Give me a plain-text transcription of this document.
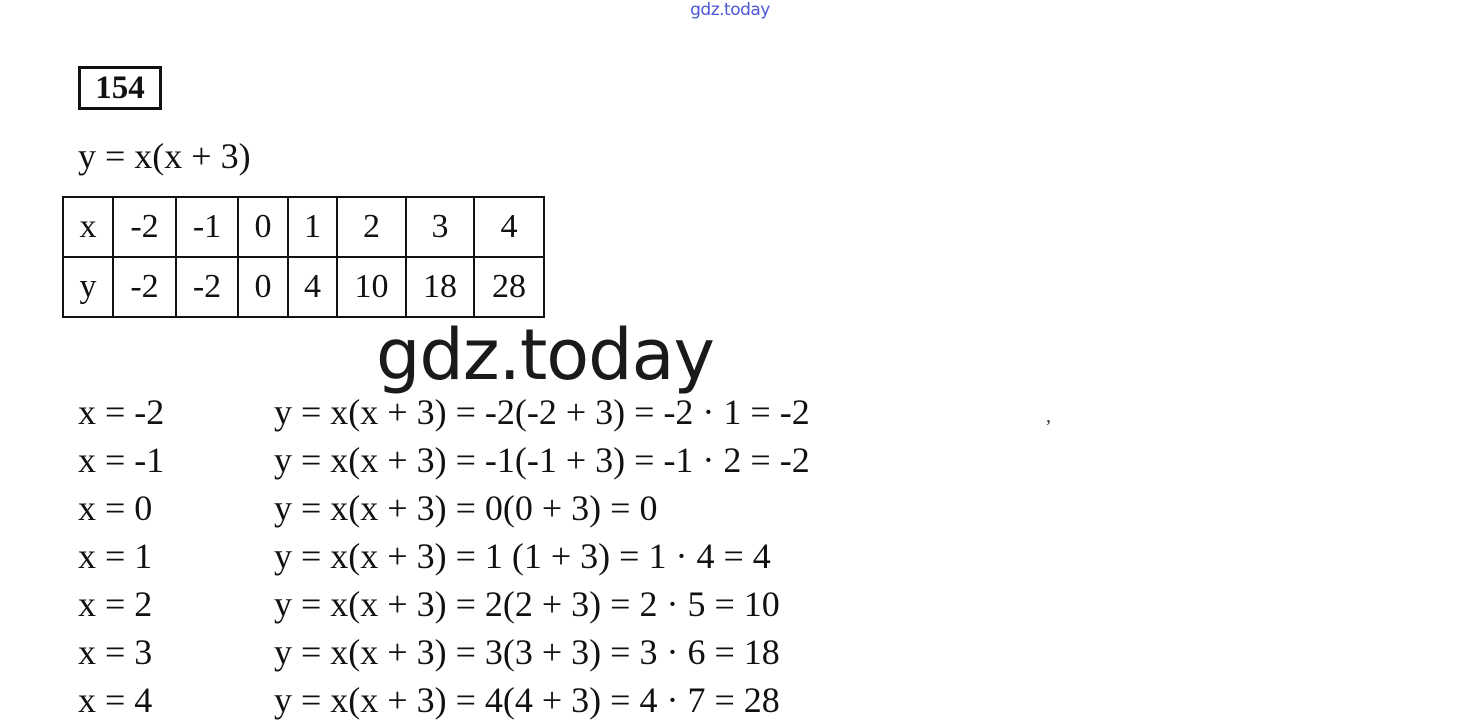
gdz.today
154
y = x(x + 3)
x	-2	-1	0	1	2	3	4
y	-2	-2	0	4	10	18	28
gdz.today
x = -2	y = x(x + 3) = -2(-2 + 3) = -2 · 1 = -2
x = -1	y = x(x + 3) = -1(-1 + 3) = -1 · 2 = -2
x = 0	y = x(x + 3) = 0(0 + 3) = 0
x = 1	y = x(x + 3) = 1 (1 + 3) = 1 · 4 = 4
x = 2	y = x(x + 3) = 2(2 + 3) = 2 · 5 = 10
x = 3	y = x(x + 3) = 3(3 + 3) = 3 · 6 = 18
x = 4	y = x(x + 3) = 4(4 + 3) = 4 · 7 = 28
,
